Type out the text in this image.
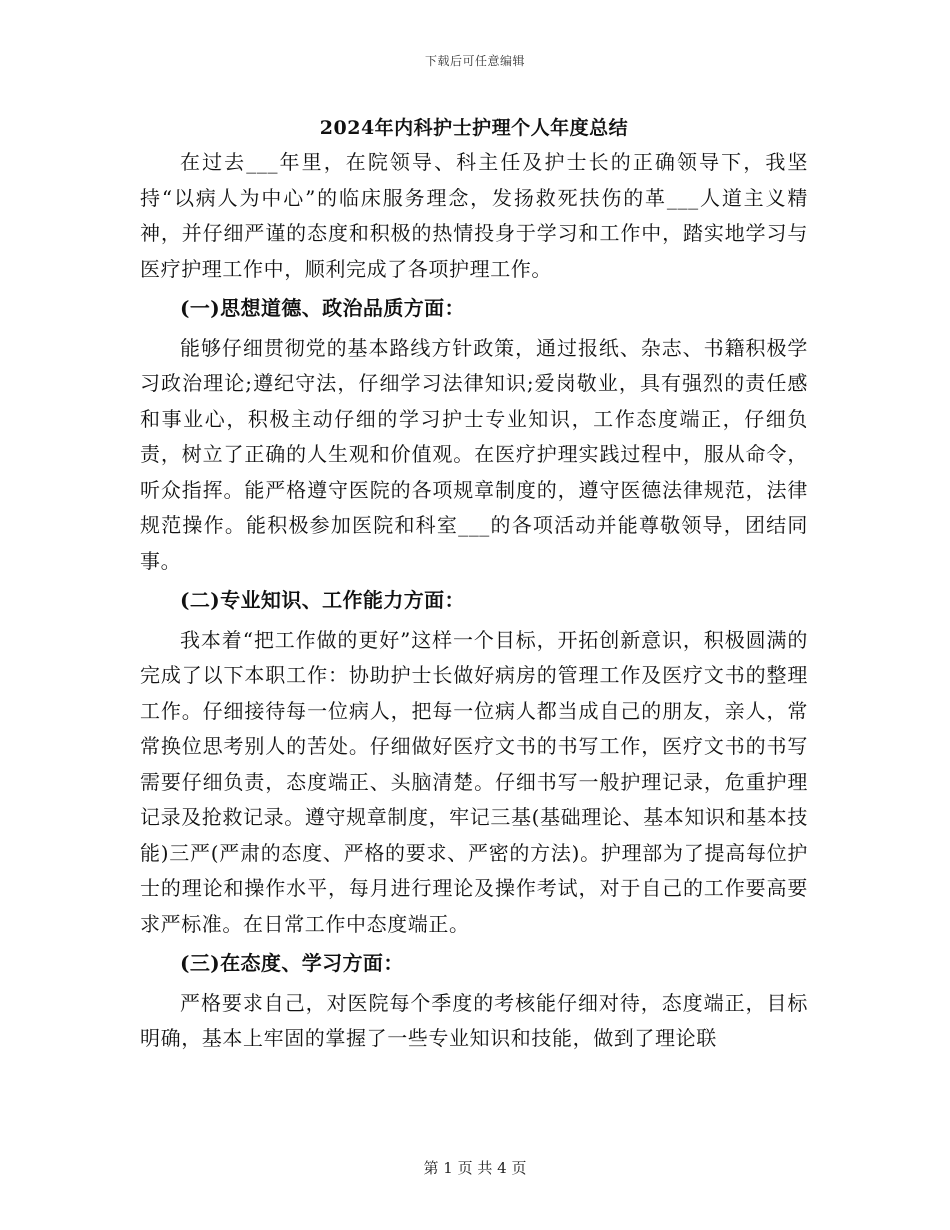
下载后可任意编辑
2024年内科护士护理个人年度总结

在过去___年里，在院领导、科主任及护士长的正确领导下，我坚持“以病人为中心”的临床服务理念，发扬救死扶伤的革___人道主义精神，并仔细严谨的态度和积极的热情投身于学习和工作中，踏实地学习与医疗护理工作中，顺利完成了各项护理工作。

(一)思想道德、政治品质方面：

能够仔细贯彻党的基本路线方针政策，通过报纸、杂志、书籍积极学习政治理论;遵纪守法，仔细学习法律知识;爱岗敬业，具有强烈的责任感和事业心，积极主动仔细的学习护士专业知识，工作态度端正，仔细负责，树立了正确的人生观和价值观。在医疗护理实践过程中，服从命令，听众指挥。能严格遵守医院的各项规章制度的，遵守医德法律规范，法律规范操作。能积极参加医院和科室___的各项活动并能尊敬领导，团结同事。

(二)专业知识、工作能力方面：

我本着“把工作做的更好”这样一个目标，开拓创新意识，积极圆满的完成了以下本职工作：协助护士长做好病房的管理工作及医疗文书的整理工作。仔细接待每一位病人，把每一位病人都当成自己的朋友，亲人，常常换位思考别人的苦处。仔细做好医疗文书的书写工作，医疗文书的书写需要仔细负责，态度端正、头脑清楚。仔细书写一般护理记录，危重护理记录及抢救记录。遵守规章制度，牢记三基(基础理论、基本知识和基本技能)三严(严肃的态度、严格的要求、严密的方法)。护理部为了提高每位护士的理论和操作水平，每月进行理论及操作考试，对于自己的工作要高要求严标准。在日常工作中态度端正。

(三)在态度、学习方面：

严格要求自己，对医院每个季度的考核能仔细对待，态度端正，目标明确，基本上牢固的掌握了一些专业知识和技能，做到了理论联

第 1 页 共 4 页
